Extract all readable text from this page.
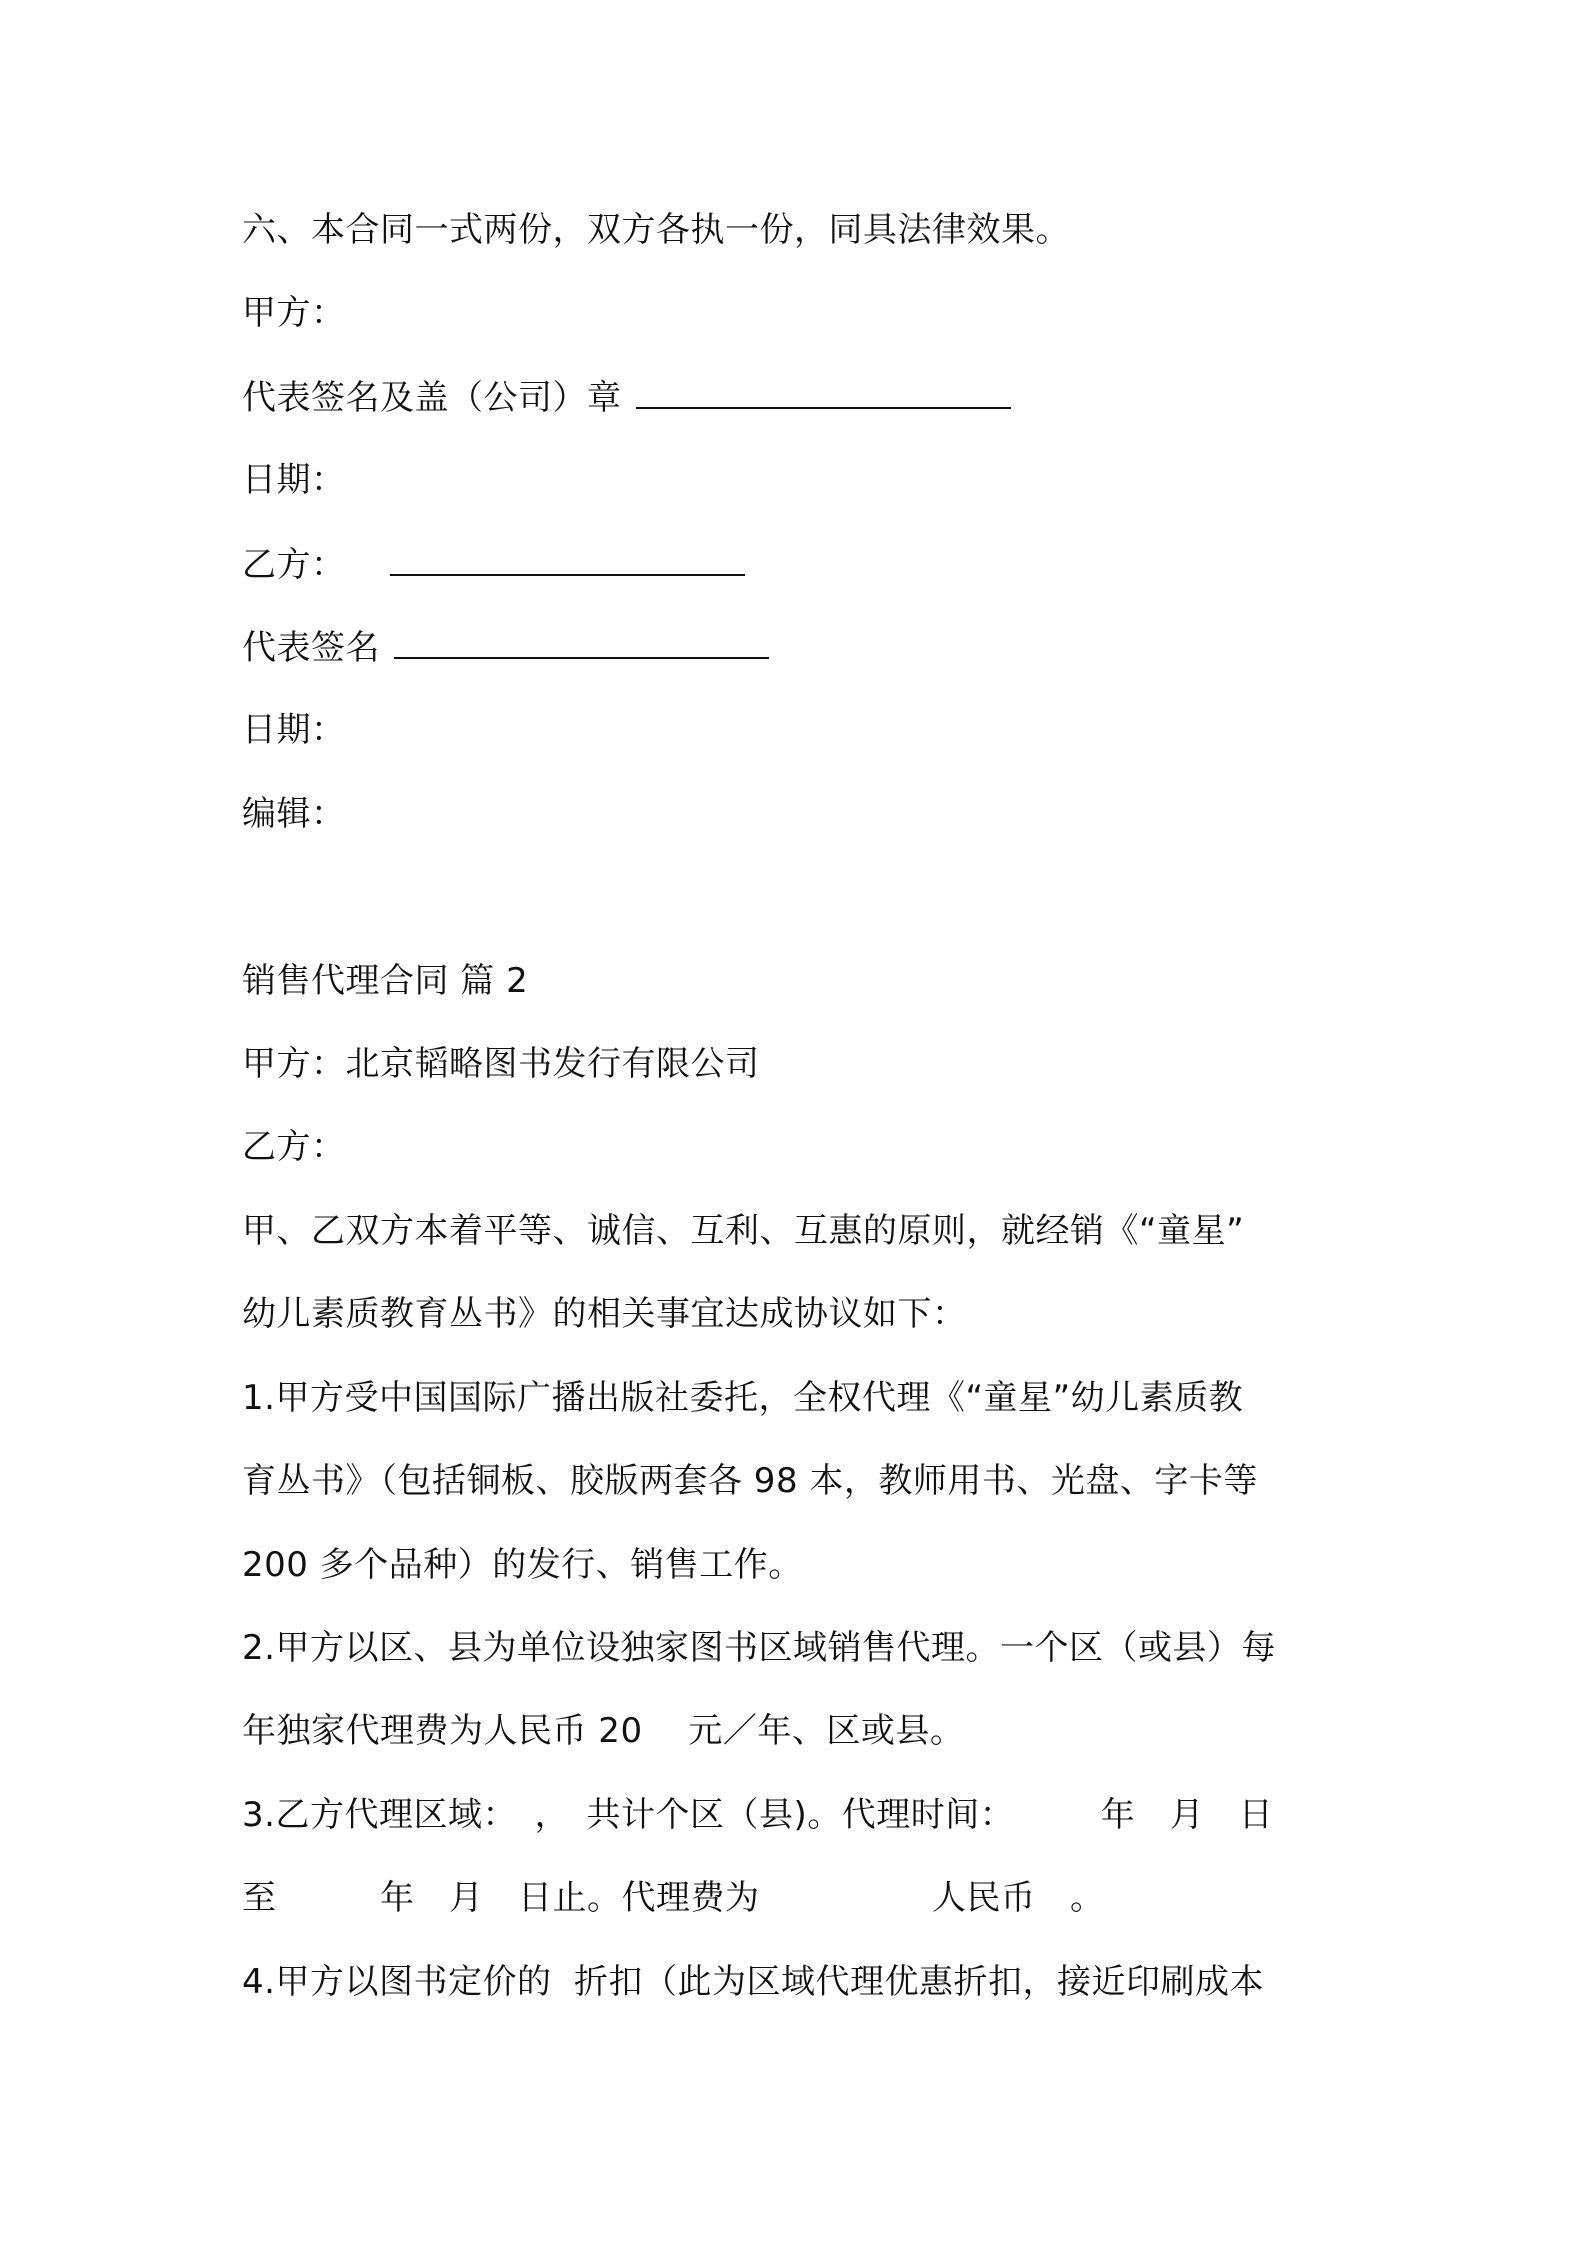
六、本合同一式两份，双方各执一份，同具法律效果。
甲方：
代表签名及盖（公司）章
日期：
乙方：
代表签名
日期：
编辑：
销售代理合同 篇 2
甲方：北京韬略图书发行有限公司
乙方：
甲、乙双方本着平等、诚信、互利、互惠的原则，就经销《“童星”
幼儿素质教育丛书》的相关事宜达成协议如下：
1.甲方受中国国际广播出版社委托，全权代理《“童星”幼儿素质教
育丛书》（包括铜板、胶版两套各 98 本，教师用书、光盘、字卡等
200 多个品种）的发行、销售工作。
2.甲方以区、县为单位设独家图书区域销售代理。一个区（或县）每
年独家代理费为人民币 20　 元／年、区或县。
3.乙方代理区域：　，　共计个区（县)。代理时间：　　　年　月　日
至　　　年　月　日止。代理费为　　　　　人民币　。
4.甲方以图书定价的  折扣（此为区域代理优惠折扣，接近印刷成本
